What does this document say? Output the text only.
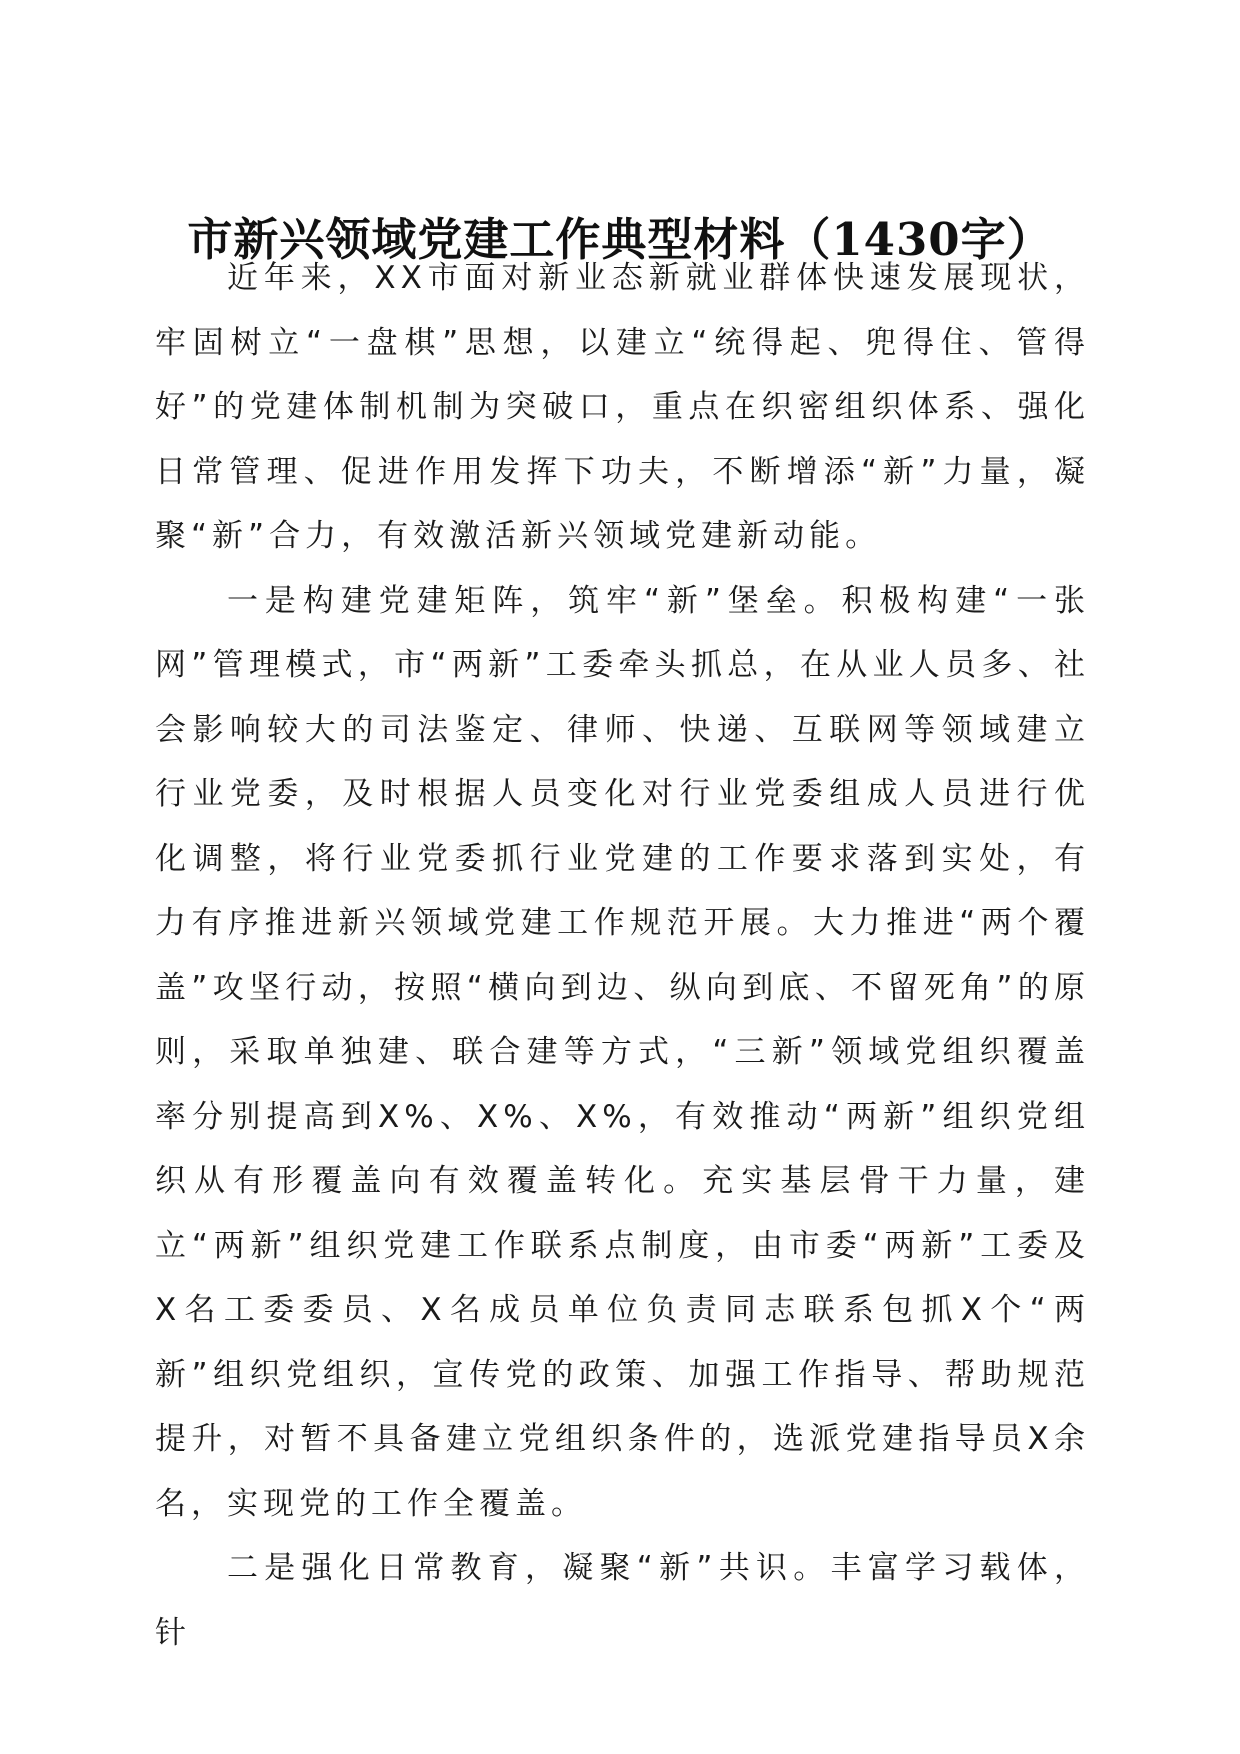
市新兴领域党建工作典型材料（1430字）

近年来，XX市面对新业态新就业群体快速发展现状，牢固树立“一盘棋”思想，以建立“统得起、兜得住、管得好”的党建体制机制为突破口，重点在织密组织体系、强化日常管理、促进作用发挥下功夫，不断增添“新”力量，凝聚“新”合力，有效激活新兴领域党建新动能。

一是构建党建矩阵，筑牢“新”堡垒。积极构建“一张网”管理模式，市“两新”工委牵头抓总，在从业人员多、社会影响较大的司法鉴定、律师、快递、互联网等领域建立行业党委，及时根据人员变化对行业党委组成人员进行优化调整，将行业党委抓行业党建的工作要求落到实处，有力有序推进新兴领域党建工作规范开展。大力推进“两个覆盖”攻坚行动，按照“横向到边、纵向到底、不留死角”的原则，采取单独建、联合建等方式，“三新”领域党组织覆盖率分别提高到X%、X%、X%，有效推动“两新”组织党组织从有形覆盖向有效覆盖转化。充实基层骨干力量，建立“两新”组织党建工作联系点制度，由市委“两新”工委及X名工委委员、X名成员单位负责同志联系包抓X个“两新”组织党组织，宣传党的政策、加强工作指导、帮助规范提升，对暂不具备建立党组织条件的，选派党建指导员X余名，实现党的工作全覆盖。

二是强化日常教育，凝聚“新”共识。丰富学习载体，针
